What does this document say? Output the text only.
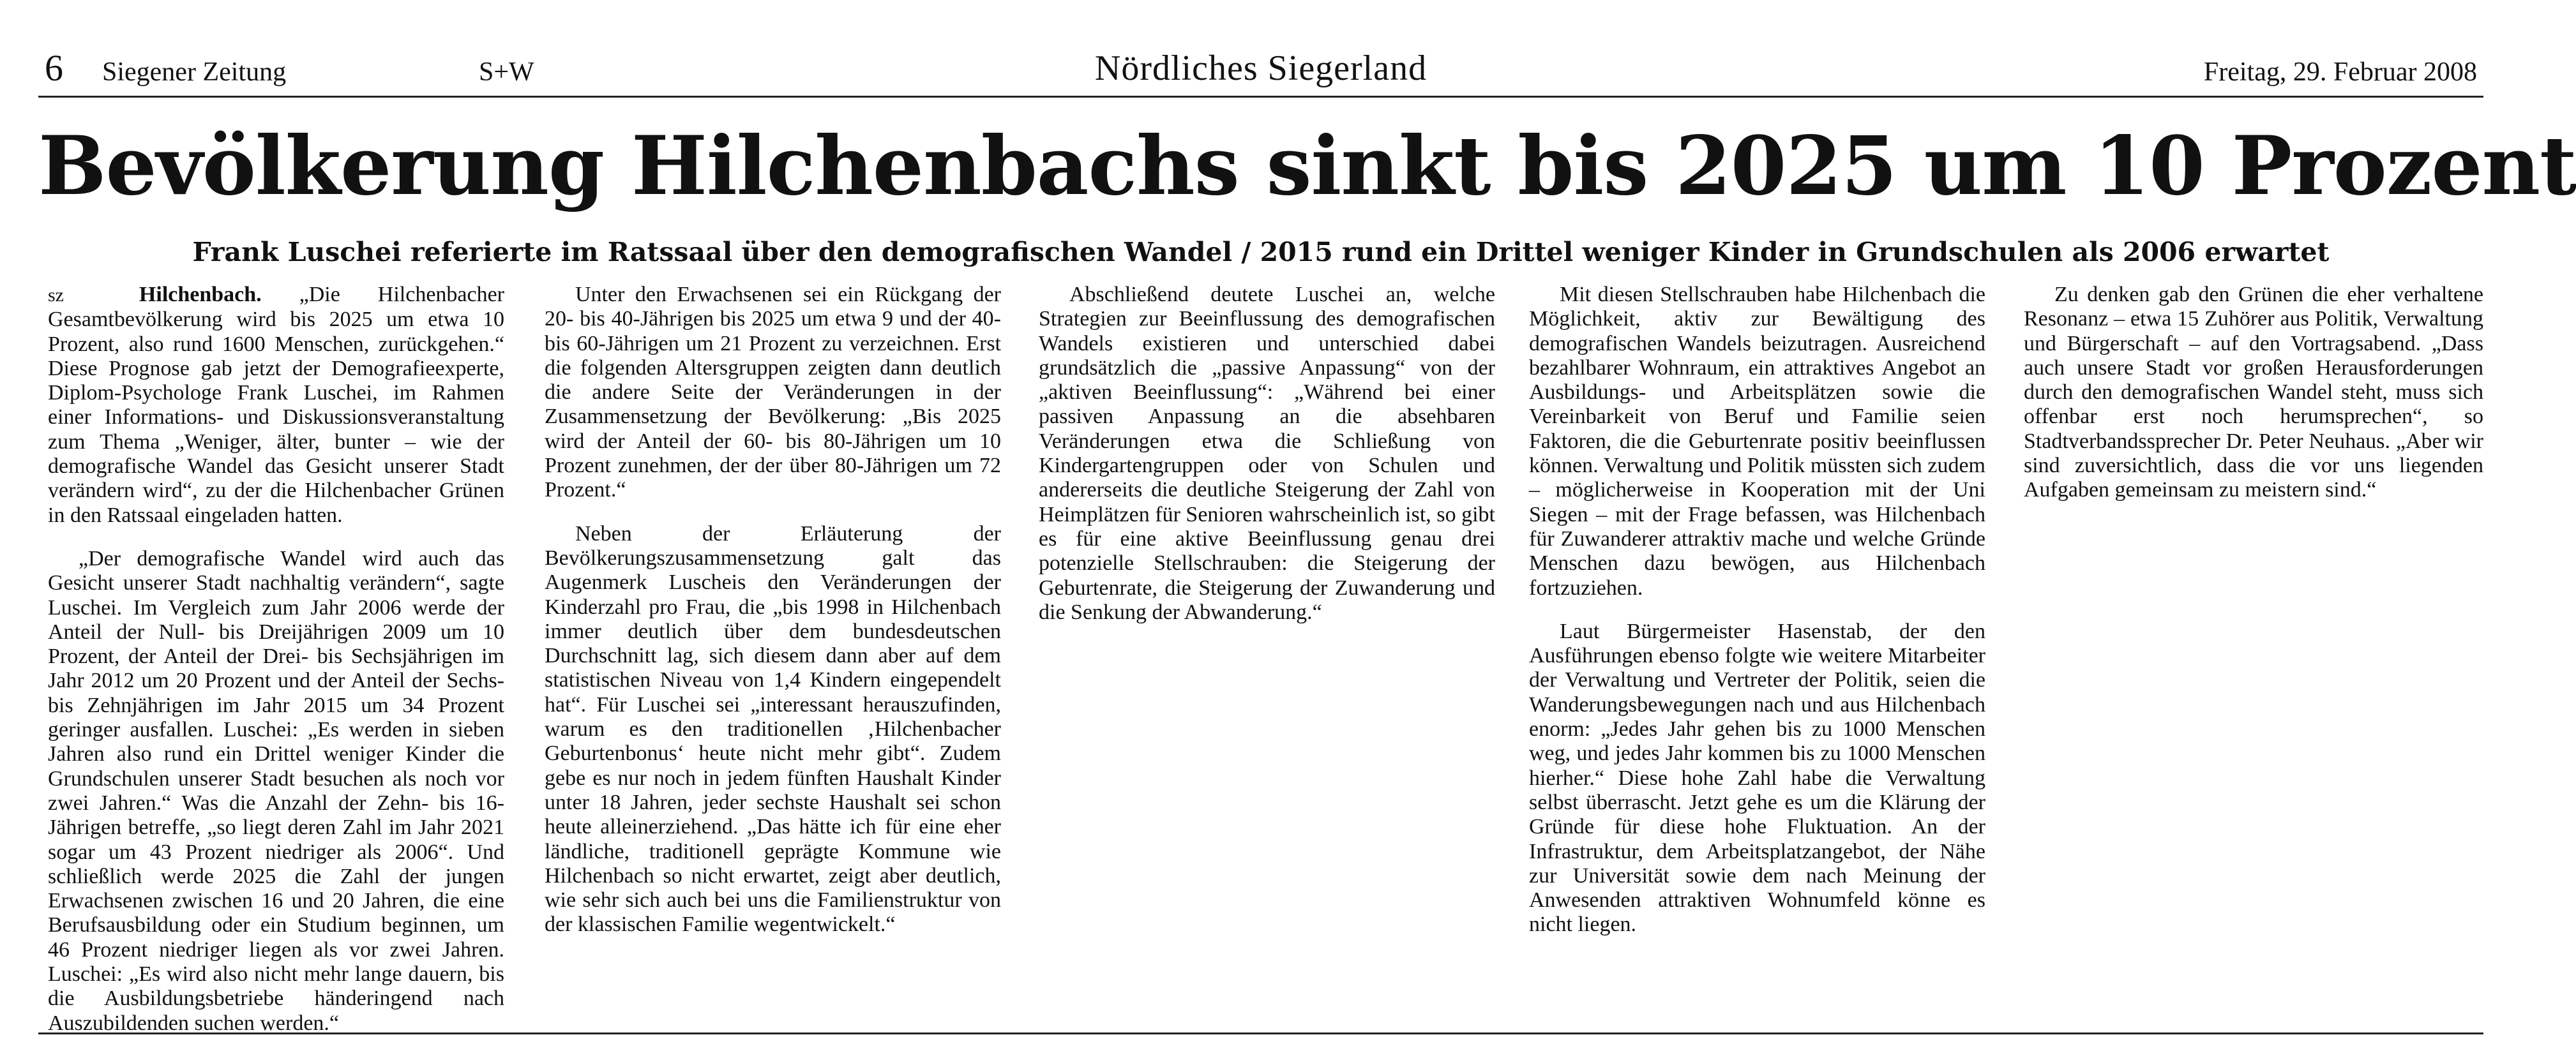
Nördliches Siegerland
6 Siegener Zeitung	S+W	Freitag, 29. Februar 2008
Bevölkerung Hilchenbachs sinkt bis 2025 um 10 Prozent
Frank Luschei referierte im Ratssaal über den demografischen Wandel / 2015 rund ein Drittel weniger Kinder in Grundschulen als 2006 erwartet

sz	Hilchenbach. „Die Hilchenbacher Gesamtbevölkerung wird bis 2025 um etwa 10 Prozent, also rund 1600 Menschen, zurückgehen.“ Diese Prognose gab jetzt der Demografieexperte, Diplom-Psychologe Frank Luschei, im Rahmen einer Informations- und Diskussionsveranstaltung zum Thema „Weniger, älter, bunter – wie der demografische Wandel das Gesicht unserer Stadt verändern wird“, zu der die Hilchenbacher Grünen in den Ratssaal eingeladen hatten.

„Der demografische Wandel wird auch das Gesicht unserer Stadt nachhaltig verändern“, sagte Luschei. Im Vergleich zum Jahr 2006 werde der Anteil der Null- bis Dreijährigen 2009 um 10 Prozent, der Anteil der Drei- bis Sechsjährigen im Jahr 2012 um 20 Prozent und der Anteil der Sechs- bis Zehnjährigen im Jahr 2015 um 34 Prozent geringer ausfallen. Luschei: „Es werden in sieben Jahren also rund ein Drittel weniger Kinder die Grundschulen unserer Stadt besuchen als noch vor zwei Jahren.“ Was die Anzahl der Zehn- bis 16-Jährigen betreffe, „so liegt deren Zahl im Jahr 2021 sogar um 43 Prozent niedriger als 2006“. Und schließlich werde 2025 die Zahl der jungen Erwachsenen zwischen 16 und 20 Jahren, die eine Berufsausbildung oder ein Studium beginnen, um 46 Prozent niedriger liegen als vor zwei Jahren. Luschei: „Es wird also nicht mehr lange dauern, bis die Ausbildungsbetriebe händeringend nach Auszubildenden suchen werden.“

Unter den Erwachsenen sei ein Rückgang der 20- bis 40-Jährigen bis 2025 um etwa 9 und der 40- bis 60-Jährigen um 21 Prozent zu verzeichnen. Erst die folgenden Altersgruppen zeigten dann deutlich die andere Seite der Veränderungen in der Zusammensetzung der Bevölkerung: „Bis 2025 wird der Anteil der 60- bis 80-Jährigen um 10 Prozent zunehmen, der der über 80-Jährigen um 72 Prozent.“

Neben der Erläuterung der Bevölkerungszusammensetzung galt das Augenmerk Luscheis den Veränderungen der Kinderzahl pro Frau, die „bis 1998 in Hilchenbach immer deutlich über dem bundesdeutschen Durchschnitt lag, sich diesem dann aber auf dem statistischen Niveau von 1,4 Kindern eingependelt hat“. Für Luschei sei „interessant herauszufinden, warum es den traditionellen ‚Hilchenbacher Geburtenbonus‘ heute nicht mehr gibt“. Zudem gebe es nur noch in jedem fünften Haushalt Kinder unter 18 Jahren, jeder sechste Haushalt sei schon heute alleinerziehend. „Das hätte ich für eine eher ländliche, traditionell geprägte Kommune wie Hilchenbach so nicht erwartet, zeigt aber deutlich, wie sehr sich auch bei uns die Familienstruktur von der klassischen Familie wegentwickelt.“

Abschließend deutete Luschei an, welche Strategien zur Beeinflussung des demografischen Wandels existieren und unterschied dabei grundsätzlich die „passive Anpassung“ von der „aktiven Beeinflussung“: „Während bei einer passiven Anpassung an die absehbaren Veränderungen etwa die Schließung von Kindergartengruppen oder von Schulen und andererseits die deutliche Steigerung der Zahl von Heimplätzen für Senioren wahrscheinlich ist, so gibt es für eine aktive Beeinflussung genau drei potenzielle Stellschrauben: die Steigerung der Geburtenrate, die Steigerung der Zuwanderung und die Senkung der Abwanderung.“

Mit diesen Stellschrauben habe Hilchenbach die Möglichkeit, aktiv zur Bewältigung des demografischen Wandels beizutragen. Ausreichend bezahlbarer Wohnraum, ein attraktives Angebot an Ausbildungs- und Arbeitsplätzen sowie die Vereinbarkeit von Beruf und Familie seien Faktoren, die die Geburtenrate positiv beeinflussen können. Verwaltung und Politik müssten sich zudem – möglicherweise in Kooperation mit der Uni Siegen – mit der Frage befassen, was Hilchenbach für Zuwanderer attraktiv mache und welche Gründe Menschen dazu bewögen, aus Hilchenbach fortzuziehen.

Laut Bürgermeister Hasenstab, der den Ausführungen ebenso folgte wie weitere Mitarbeiter der Verwaltung und Vertreter der Politik, seien die Wanderungsbewegungen nach und aus Hilchenbach enorm: „Jedes Jahr gehen bis zu 1000 Menschen weg, und jedes Jahr kommen bis zu 1000 Menschen hierher.“ Diese hohe Zahl habe die Verwaltung selbst überrascht. Jetzt gehe es um die Klärung der Gründe für diese hohe Fluktuation. An der Infrastruktur, dem Arbeitsplatzangebot, der Nähe zur Universität sowie dem nach Meinung der Anwesenden attraktiven Wohnumfeld könne es nicht liegen.

Zu denken gab den Grünen die eher verhaltene Resonanz – etwa 15 Zuhörer aus Politik, Verwaltung und Bürgerschaft – auf den Vortragsabend. „Dass auch unsere Stadt vor großen Herausforderungen durch den demografischen Wandel steht, muss sich offenbar erst noch herumsprechen“, so Stadtverbandssprecher Dr. Peter Neuhaus. „Aber wir sind zuversichtlich, dass die vor uns liegenden Aufgaben gemeinsam zu meistern sind.“
